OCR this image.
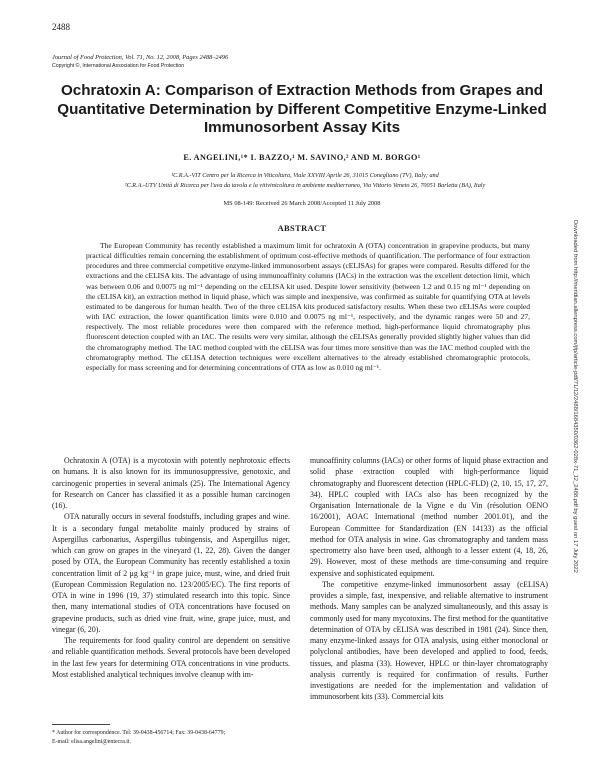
2488
Journal of Food Protection, Vol. 71, No. 12, 2008, Pages 2488–2496
Copyright ©, International Association for Food Protection
Ochratoxin A: Comparison of Extraction Methods from Grapes and Quantitative Determination by Different Competitive Enzyme-Linked Immunosorbent Assay Kits
E. ANGELINI,¹* I. BAZZO,¹ M. SAVINO,² AND M. BORGO¹
¹C.R.A.-VIT Centro per la Ricerca in Viticoltura, Viale XXVIII Aprile 26, 31015 Conegliano (TV), Italy; and
²C.R.A.-UTV Unità di Ricerca per l'uva da tavola e la vitivinicoltura in ambiente mediterraneo, Via Vittorio Veneto 26, 70051 Barletta (BA), Italy
MS 08-149: Received 26 March 2008/Accepted 11 July 2008
ABSTRACT
The European Community has recently established a maximum limit for ochratoxin A (OTA) concentration in grapevine products, but many practical difficulties remain concerning the establishment of optimum cost-effective methods of quantification. The performance of four extraction procedures and three commercial competitive enzyme-linked immunosorbent assays (cELISAs) for grapes were compared. Results differed for the extractions and the cELISA kits. The advantage of using immunoaffinity columns (IACs) in the extraction was the excellent detection limit, which was between 0.06 and 0.0075 ng ml⁻¹ depending on the cELISA kit used. Despite lower sensitivity (between 1.2 and 0.15 ng ml⁻¹ depending on the cELISA kit), an extraction method in liquid phase, which was simple and inexpensive, was confirmed as suitable for quantifying OTA at levels estimated to be dangerous for human health. Two of the three cELISA kits produced satisfactory results. When these two cELISAs were coupled with IAC extraction, the lower quantification limits were 0.010 and 0.0075 ng ml⁻¹, respectively, and the dynamic ranges were 50 and 27, respectively. The most reliable procedures were then compared with the reference method, high-performance liquid chromatography plus fluorescent detection coupled with an IAC. The results were very similar, although the cELISAs generally provided slightly higher values than did the chromatography method. The IAC method coupled with the cELISA was four times more sensitive than was the IAC method coupled with the chromatography method. The cELISA detection techniques were excellent alternatives to the already established chromatographic protocols, especially for mass screening and for determining concentrations of OTA as low as 0.010 ng ml⁻¹.

Ochratoxin A (OTA) is a mycotoxin with potently nephrotoxic effects on humans. It is also known for its immunosuppressive, genotoxic, and carcinogenic properties in several animals (25). The International Agency for Research on Cancer has classified it as a possible human carcinogen (16).

OTA naturally occurs in several foodstuffs, including grapes and wine. It is a secondary fungal metabolite mainly produced by strains of Aspergillus carbonarius, Aspergillus tubingensis, and Aspergillus niger, which can grow on grapes in the vineyard (1, 22, 28). Given the danger posed by OTA, the European Community has recently established a toxin concentration limit of 2 μg kg⁻¹ in grape juice, must, wine, and dried fruit (European Commission Regulation no. 123/2005/EC). The first reports of OTA in wine in 1996 (19, 37) stimulated research into this topic. Since then, many international studies of OTA concentrations have focused on grapevine products, such as dried vine fruit, wine, grape juice, must, and vinegar (6, 20).

The requirements for food quality control are dependent on sensitive and reliable quantification methods. Several protocols have been developed in the last few years for determining OTA concentrations in vine products. Most established analytical techniques involve cleanup with im-

munoaffinity columns (IACs) or other forms of liquid phase extraction and solid phase extraction coupled with high-performance liquid chromatography and fluorescent detection (HPLC-FLD) (2, 10, 15, 17, 27, 34). HPLC coupled with IACs also has been recognized by the Organisation Internationale de la Vigne e du Vin (résolution OENO 16/2001), AOAC International (method number 2001.01), and the European Committee for Standardization (EN 14133) as the official method for OTA analysis in wine. Gas chromatography and tandem mass spectrometry also have been used, although to a lesser extent (4, 18, 26, 29). However, most of these methods are time-consuming and require expensive and sophisticated equipment.

The competitive enzyme-linked immunosorbent assay (cELISA) provides a simple, fast, inexpensive, and reliable alternative to instrument methods. Many samples can be analyzed simultaneously, and this assay is commonly used for many mycotoxins. The first method for the quantitative determination of OTA by cELISA was described in 1981 (24). Since then, many enzyme-linked assays for OTA analysis, using either monoclonal or polyclonal antibodies, have been developed and applied to food, feeds, tissues, and plasma (33). However, HPLC or thin-layer chromatography analysis currently is required for confirmation of results. Further investigations are needed for the implementation and validation of immunosorbent kits (33). Commercial kits

* Author for correspondence. Tel: 39-0438-456714; Fax: 39-0438-64779;
E-mail: elisa.angelini@entecra.it.
Downloaded from http://meridian.allenpress.com/jfp/article-pdf/71/12/2488/1684350/0362-028x-71_12_2488.pdf by guest on 17 July 2022
